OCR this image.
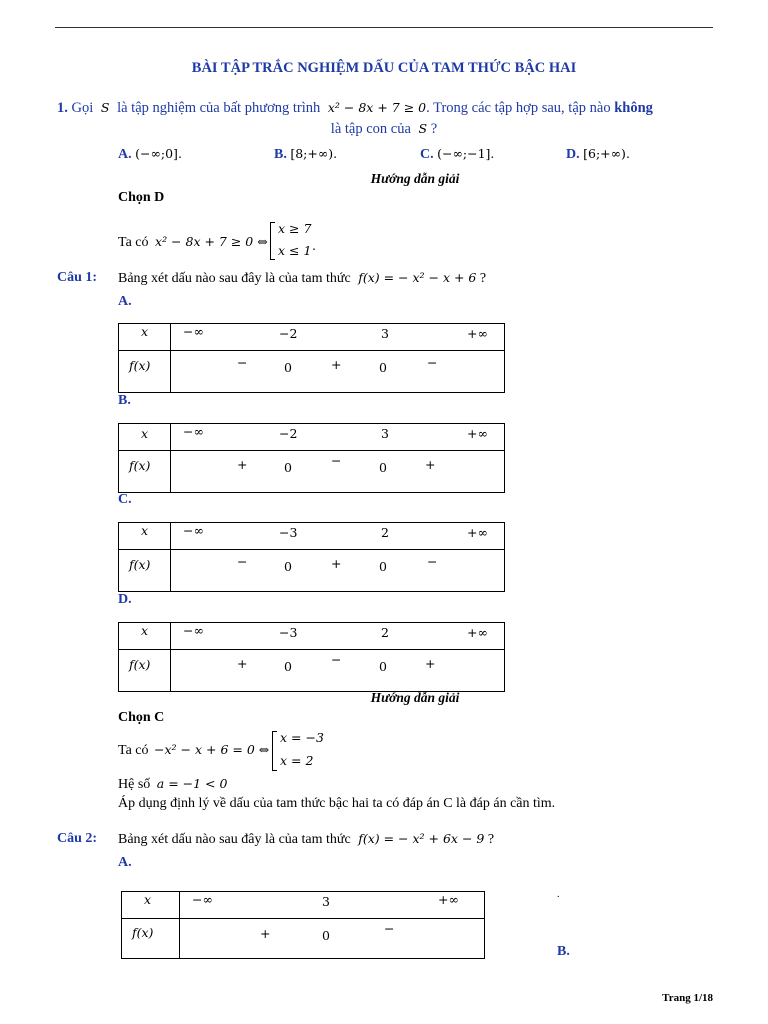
BÀI TẬP TRẮC NGHIỆM DẤU CỦA TAM THỨC BẬC HAI
1. Gọi S là tập nghiệm của bất phương trình x² − 8x + 7 ≥ 0. Trong các tập hợp sau, tập nào không
là tập con của S ?
A. (−∞;0].	B. [8;+∞).	C. (−∞;−1].	D. [6;+∞).
Hướng dẫn giải
Chọn D
Ta có x² − 8x + 7 ≥ 0 ⇔
x ≥ 7
x ≤ 1 .
Câu 1: Bảng xét dấu nào sau đây là của tam thức f(x) = − x² − x + 6 ?
A.
x	−∞	−2	3	+∞
f(x)	−	0	+	0	−
B.
x	−∞	−2	3	+∞
f(x)	+	0	−	0	+
C.
x	−∞	−3	2	+∞
f(x)	−	0	+	0	−
D.
x	−∞	−3	2	+∞
f(x)	+	0	−	0	+
Hướng dẫn giải
Chọn C
Ta có −x² − x + 6 = 0 ⇔
x = −3
x = 2
Hệ số a = −1 < 0
Áp dụng định lý về dấu của tam thức bậc hai ta có đáp án C là đáp án cần tìm.
Câu 2: Bảng xét dấu nào sau đây là của tam thức f(x) = − x² + 6x − 9 ?
A.
x	−∞	3	+∞
f(x)	+	0	−
.
B.
Trang 1/18
